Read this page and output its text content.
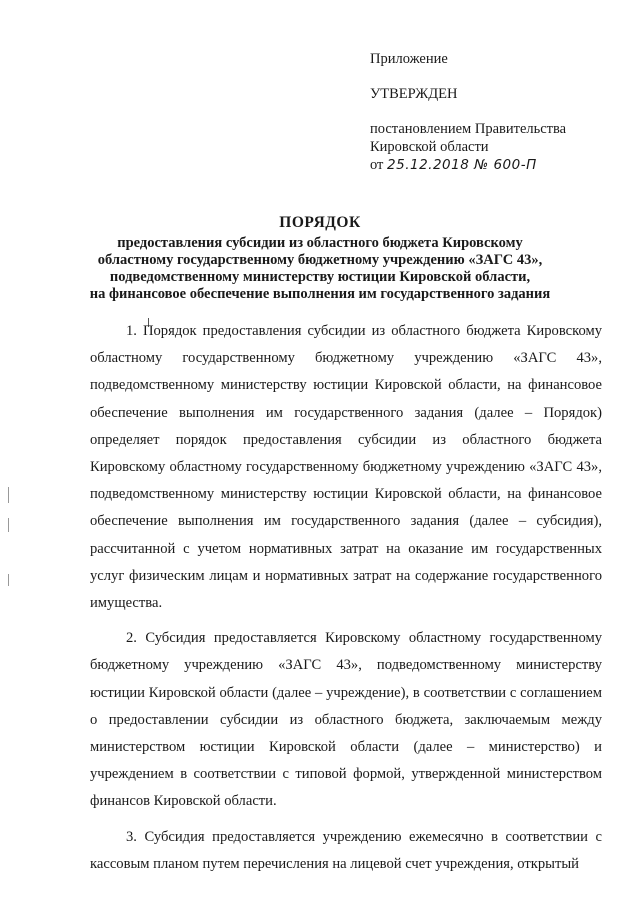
Приложение
УТВЕРЖДЕН
постановлением Правительства
Кировской области
от 25.12.2018 № 600-П
ПОРЯДОК
предоставления субсидии из областного бюджета Кировскому
областному государственному бюджетному учреждению «ЗАГС 43»,
подведомственному министерству юстиции Кировской области,
на финансовое обеспечение выполнения им государственного задания

1. Порядок предоставления субсидии из областного бюджета Кировскому областному государственному бюджетному учреждению «ЗАГС 43», подведомственному министерству юстиции Кировской области, на финансовое обеспечение выполнения им государственного задания (далее – Порядок) определяет порядок предоставления субсидии из областного бюджета Кировскому областному государственному бюджетному учреждению «ЗАГС 43», подведомственному министерству юстиции Кировской области, на финансовое обеспечение выполнения им государственного задания (далее – субсидия), рассчитанной с учетом нормативных затрат на оказание им государственных услуг физическим лицам и нормативных затрат на содержание государственного имущества.

2. Субсидия предоставляется Кировскому областному государственному бюджетному учреждению «ЗАГС 43», подведомственному министерству юстиции Кировской области (далее – учреждение), в соответствии с соглашением о предоставлении субсидии из областного бюджета, заключаемым между министерством юстиции Кировской области (далее – министерство) и учреждением в соответствии с типовой формой, утвержденной министерством финансов Кировской области.

3. Субсидия предоставляется учреждению ежемесячно в соответствии с кассовым планом путем перечисления на лицевой счет учреждения, открытый
